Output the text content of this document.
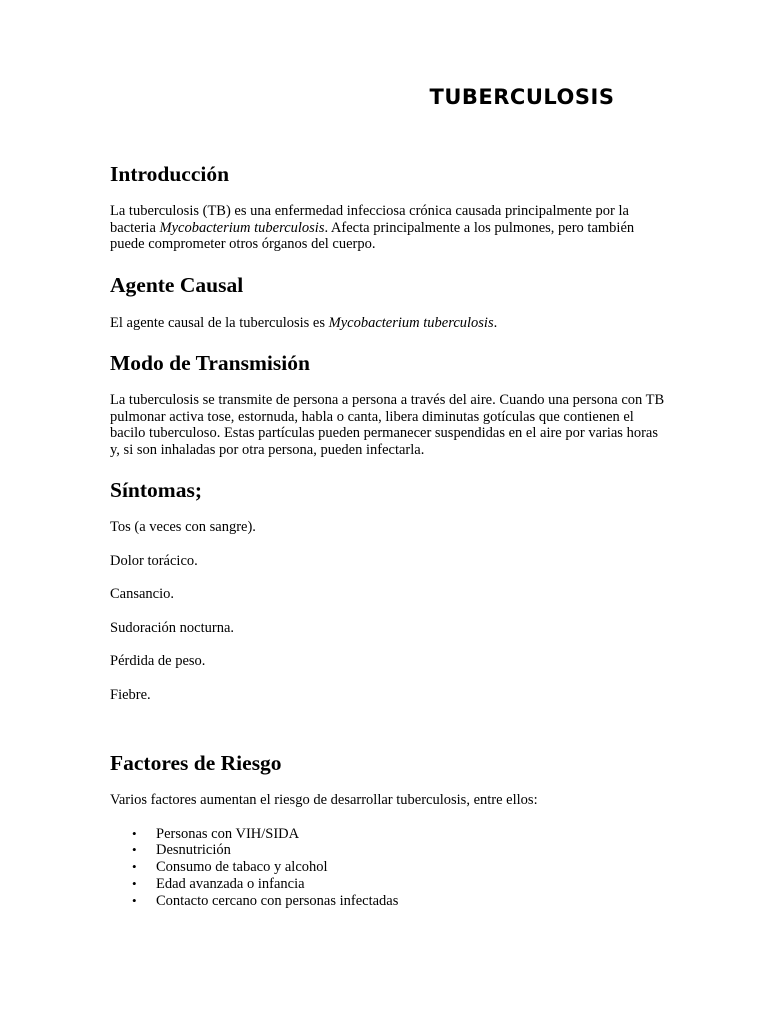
TUBERCULOSIS
Introducción

La tuberculosis (TB) es una enfermedad infecciosa crónica causada principalmente por la bacteria Mycobacterium tuberculosis. Afecta principalmente a los pulmones, pero también puede comprometer otros órganos del cuerpo.

Agente Causal

El agente causal de la tuberculosis es Mycobacterium tuberculosis.

Modo de Transmisión

La tuberculosis se transmite de persona a persona a través del aire. Cuando una persona con TB pulmonar activa tose, estornuda, habla o canta, libera diminutas gotículas que contienen el bacilo tuberculoso. Estas partículas pueden permanecer suspendidas en el aire por varias horas y, si son inhaladas por otra persona, pueden infectarla.

Síntomas;

Tos (a veces con sangre).

Dolor torácico.

Cansancio.

Sudoración nocturna.

Pérdida de peso.

Fiebre.

Factores de Riesgo

Varios factores aumentan el riesgo de desarrollar tuberculosis, entre ellos:

• Personas con VIH/SIDA
• Desnutrición
• Consumo de tabaco y alcohol
• Edad avanzada o infancia
• Contacto cercano con personas infectadas
